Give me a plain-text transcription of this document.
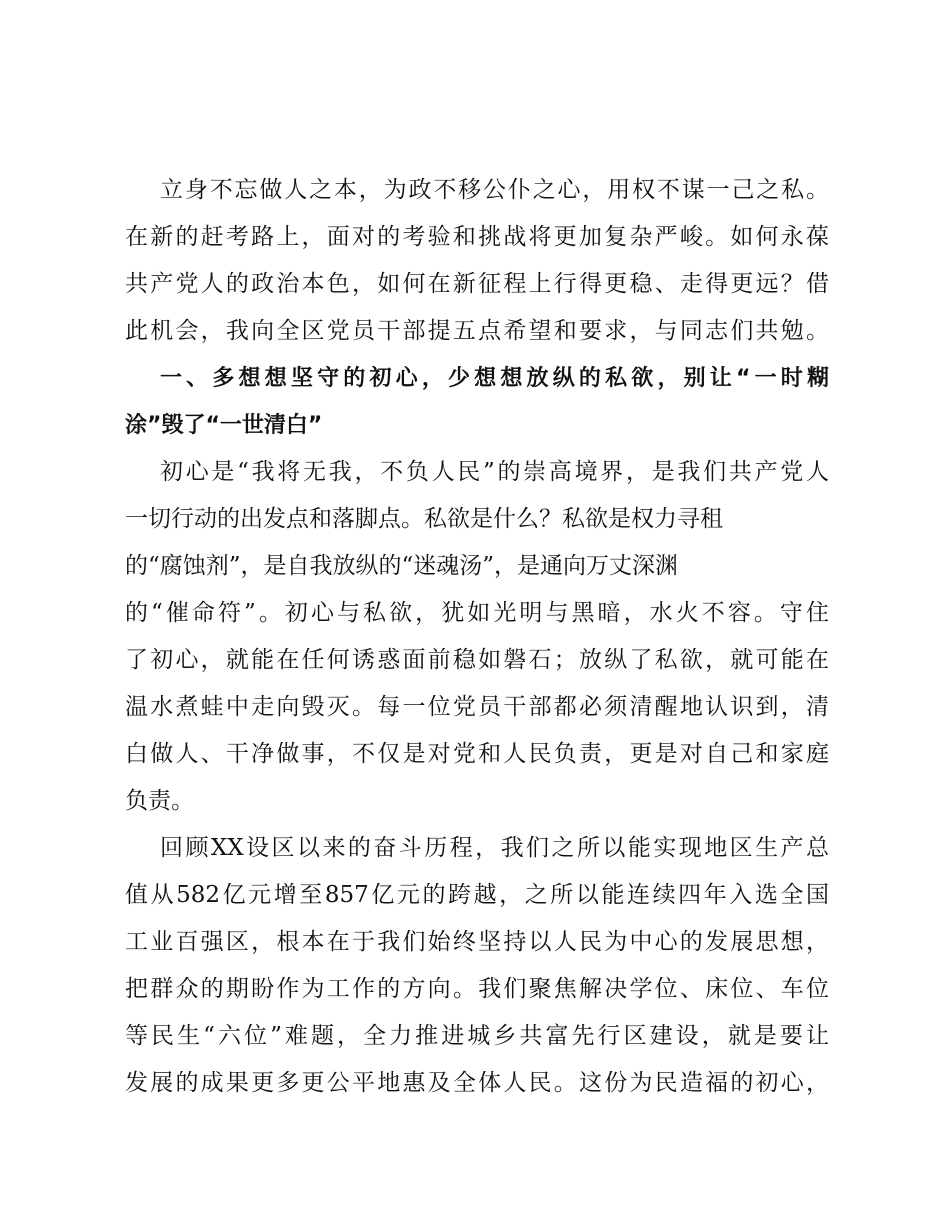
立身不忘做人之本，为政不移公仆之心，用权不谋一己之私。
在新的赶考路上，面对的考验和挑战将更加复杂严峻。如何永葆
共产党人的政治本色，如何在新征程上行得更稳、走得更远？借
此机会，我向全区党员干部提五点希望和要求，与同志们共勉。
一、多想想坚守的初心，少想想放纵的私欲，别让“一时糊
涂”毁了“一世清白”
初心是“我将无我，不负人民”的崇高境界，是我们共产党人
一切行动的出发点和落脚点。私欲是什么？私欲是权力寻租
的“腐蚀剂”，是自我放纵的“迷魂汤”，是通向万丈深渊
的“催命符”。初心与私欲，犹如光明与黑暗，水火不容。守住
了初心，就能在任何诱惑面前稳如磐石；放纵了私欲，就可能在
温水煮蛙中走向毁灭。每一位党员干部都必须清醒地认识到，清
白做人、干净做事，不仅是对党和人民负责，更是对自己和家庭
负责。
回顾XX设区以来的奋斗历程，我们之所以能实现地区生产总
值从582亿元增至857亿元的跨越，之所以能连续四年入选全国
工业百强区，根本在于我们始终坚持以人民为中心的发展思想，
把群众的期盼作为工作的方向。我们聚焦解决学位、床位、车位
等民生“六位”难题，全力推进城乡共富先行区建设，就是要让
发展的成果更多更公平地惠及全体人民。这份为民造福的初心，
